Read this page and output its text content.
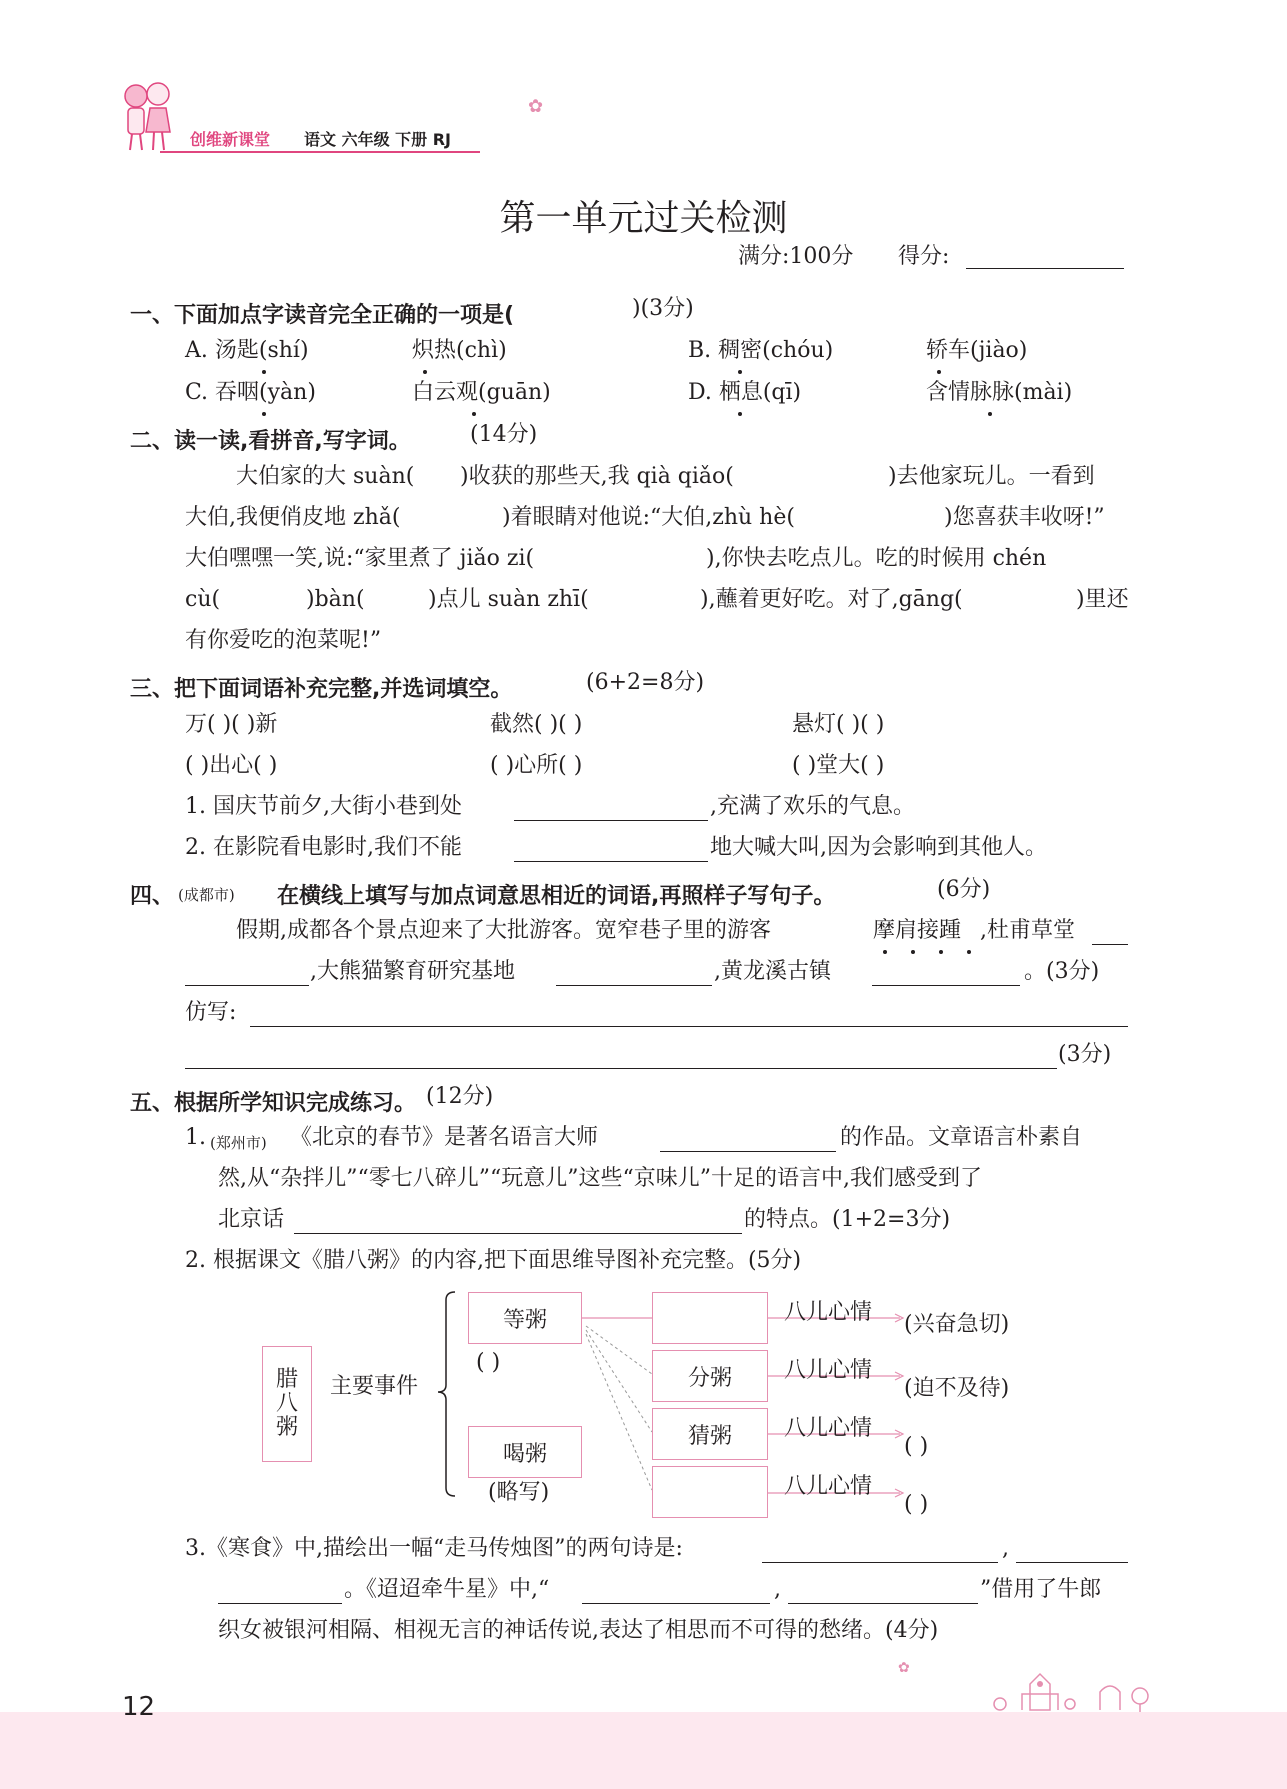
✿
创维新课堂 语文 六年级 下册 RJ
第一单元过关检测
满分:100分 得分:
一、下面加点字读音完全正确的一项是(	)(3分)
A. 汤匙(shí)	炽热(chì)	B. 稠密(chóu)	轿车(jiào)
C. 吞咽(yàn)	白云观(guān)	D. 栖息(qī)	含情脉脉(mài)
二、读一读,看拼音,写字词。	(14分)
大伯家的大 suàn( )收获的那些天,我 qià qiǎo(	)去他家玩儿。一看到
大伯,我便俏皮地 zhǎ(	)着眼睛对他说:“大伯,zhù hè(	)您喜获丰收呀!”
大伯嘿嘿一笑,说:“家里煮了 jiǎo zi(	),你快去吃点儿。吃的时候用 chén
cù(	)bàn(	)点儿 suàn zhī(	),蘸着更好吃。对了,gāng(	)里还
有你爱吃的泡菜呢!”
三、把下面词语补充完整,并选词填空。	(6+2=8分)
万( )( )新	截然( )( )	悬灯( )( )
( )出心( )	( )心所( )	( )堂大( )
1. 国庆节前夕,大街小巷到处	,充满了欢乐的气息。
2. 在影院看电影时,我们不能	地大喊大叫,因为会影响到其他人。
四、 (成都市) 在横线上填写与加点词意思相近的词语,再照样子写句子。	(6分)
假期,成都各个景点迎来了大批游客。宽窄巷子里的游客	摩肩接踵 ,杜甫草堂
,大熊猫繁育研究基地	,黄龙溪古镇	。(3分)
仿写:
(3分)
五、根据所学知识完成练习。 (12分)
1. (郑州市) 《北京的春节》是著名语言大师	的作品。文章语言朴素自
然,从“杂拌儿”“零七八碎儿”“玩意儿”这些“京味儿”十足的语言中,我们感受到了
北京话	的特点。(1+2=3分)
2. 根据课文《腊八粥》的内容,把下面思维导图补充完整。(5分)
腊
八
粥
主要事件
等粥
( )
喝粥
(略写)
分粥
猜粥
八儿心情
八儿心情
八儿心情
八儿心情
(兴奋急切)
(迫不及待)
( )
( )
3.《寒食》中,描绘出一幅“走马传烛图”的两句诗是:	,
。《迢迢牵牛星》中,“	,	”借用了牛郎
织女被银河相隔、相视无言的神话传说,表达了相思而不可得的愁绪。(4分)
12
✿
